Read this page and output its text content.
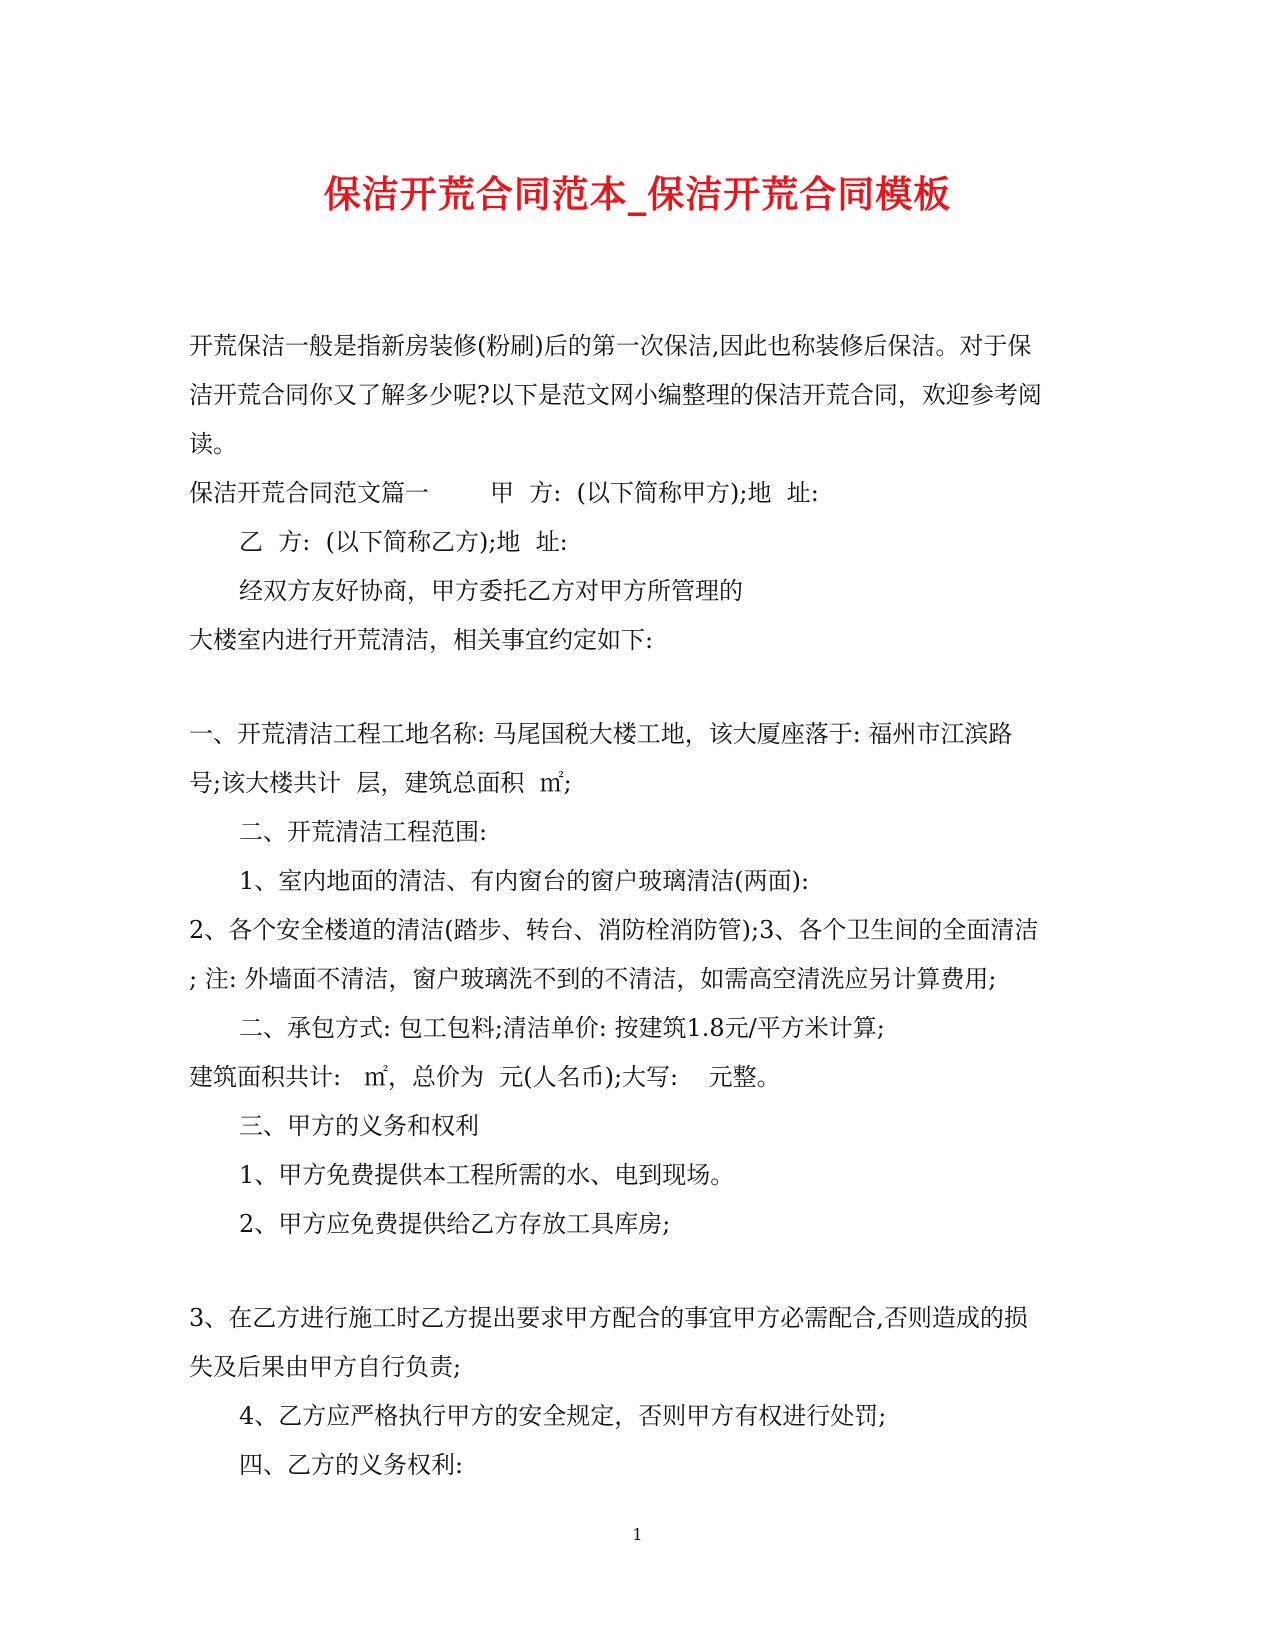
保洁开荒合同范本_保洁开荒合同模板

开荒保洁一般是指新房装修(粉刷)后的第一次保洁,因此也称装修后保洁。对于保

洁开荒合同你又了解多少呢?以下是范文网小编整理的保洁开荒合同，欢迎参考阅

读。

保洁开荒合同范文篇一        甲  方:  (以下简称甲方);地  址:

乙  方:  (以下简称乙方);地  址:

经双方友好协商，甲方委托乙方对甲方所管理的

大楼室内进行开荒清洁，相关事宜约定如下:

一、开荒清洁工程工地名称: 马尾国税大楼工地，该大厦座落于: 福州市江滨路

号;该大楼共计  层，建筑总面积  ㎡;

二、开荒清洁工程范围:

1、室内地面的清洁、有内窗台的窗户玻璃清洁(两面):

2、各个安全楼道的清洁(踏步、转台、消防栓消防管);3、各个卫生间的全面清洁

; 注: 外墙面不清洁，窗户玻璃洗不到的不清洁，如需高空清洗应另计算费用;

二、承包方式: 包工包料;清洁单价: 按建筑1.8元/平方米计算;

建筑面积共计:   ㎡，总价为  元(人名币);大写:    元整。

三、甲方的义务和权利

1、甲方免费提供本工程所需的水、电到现场。

2、甲方应免费提供给乙方存放工具库房;

3、在乙方进行施工时乙方提出要求甲方配合的事宜甲方必需配合,否则造成的损

失及后果由甲方自行负责;

4、乙方应严格执行甲方的安全规定，否则甲方有权进行处罚;

四、乙方的义务权利:

1
